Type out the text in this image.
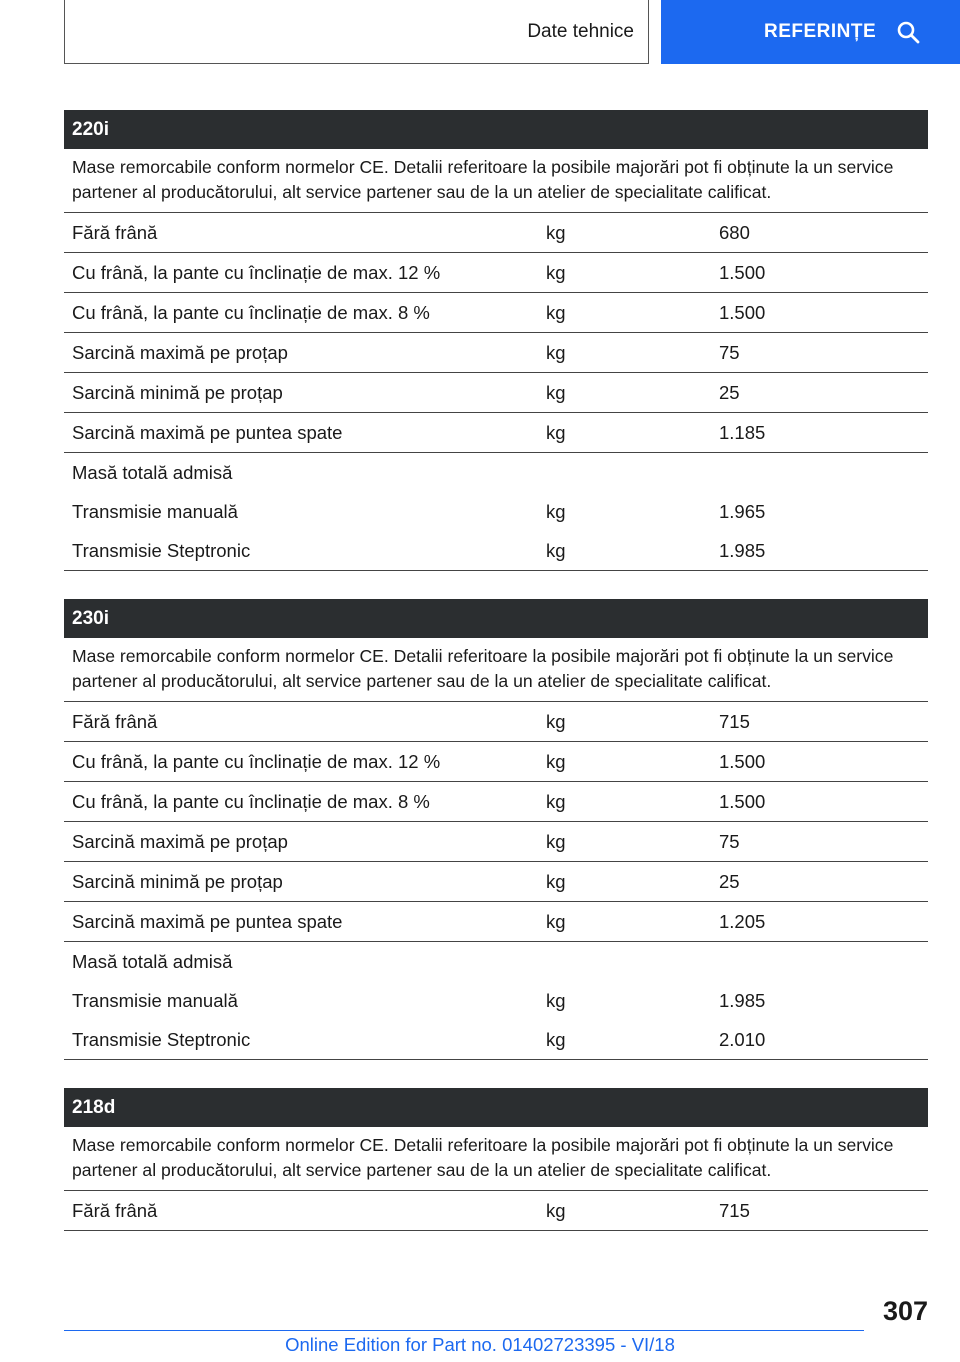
Date tehnice	REFERINȚE
220i
Mase remorcabile conform normelor CE. Detalii referitoare la posibile majorări pot fi obținute la un service partener al producătorului, alt service partener sau de la un atelier de specialitate calificat.
Fără frână	kg	680
Cu frână, la pante cu înclinație de max. 12 %	kg	1.500
Cu frână, la pante cu înclinație de max. 8 %	kg	1.500
Sarcină maximă pe proțap	kg	75
Sarcină minimă pe proțap	kg	25
Sarcină maximă pe puntea spate	kg	1.185
Masă totală admisă
Transmisie manuală	kg	1.965
Transmisie Steptronic	kg	1.985
230i
Mase remorcabile conform normelor CE. Detalii referitoare la posibile majorări pot fi obținute la un service partener al producătorului, alt service partener sau de la un atelier de specialitate calificat.
Fără frână	kg	715
Cu frână, la pante cu înclinație de max. 12 %	kg	1.500
Cu frână, la pante cu înclinație de max. 8 %	kg	1.500
Sarcină maximă pe proțap	kg	75
Sarcină minimă pe proțap	kg	25
Sarcină maximă pe puntea spate	kg	1.205
Masă totală admisă
Transmisie manuală	kg	1.985
Transmisie Steptronic	kg	2.010
218d
Mase remorcabile conform normelor CE. Detalii referitoare la posibile majorări pot fi obținute la un service partener al producătorului, alt service partener sau de la un atelier de specialitate calificat.
Fără frână	kg	715
307
Online Edition for Part no. 01402723395 - VI/18
